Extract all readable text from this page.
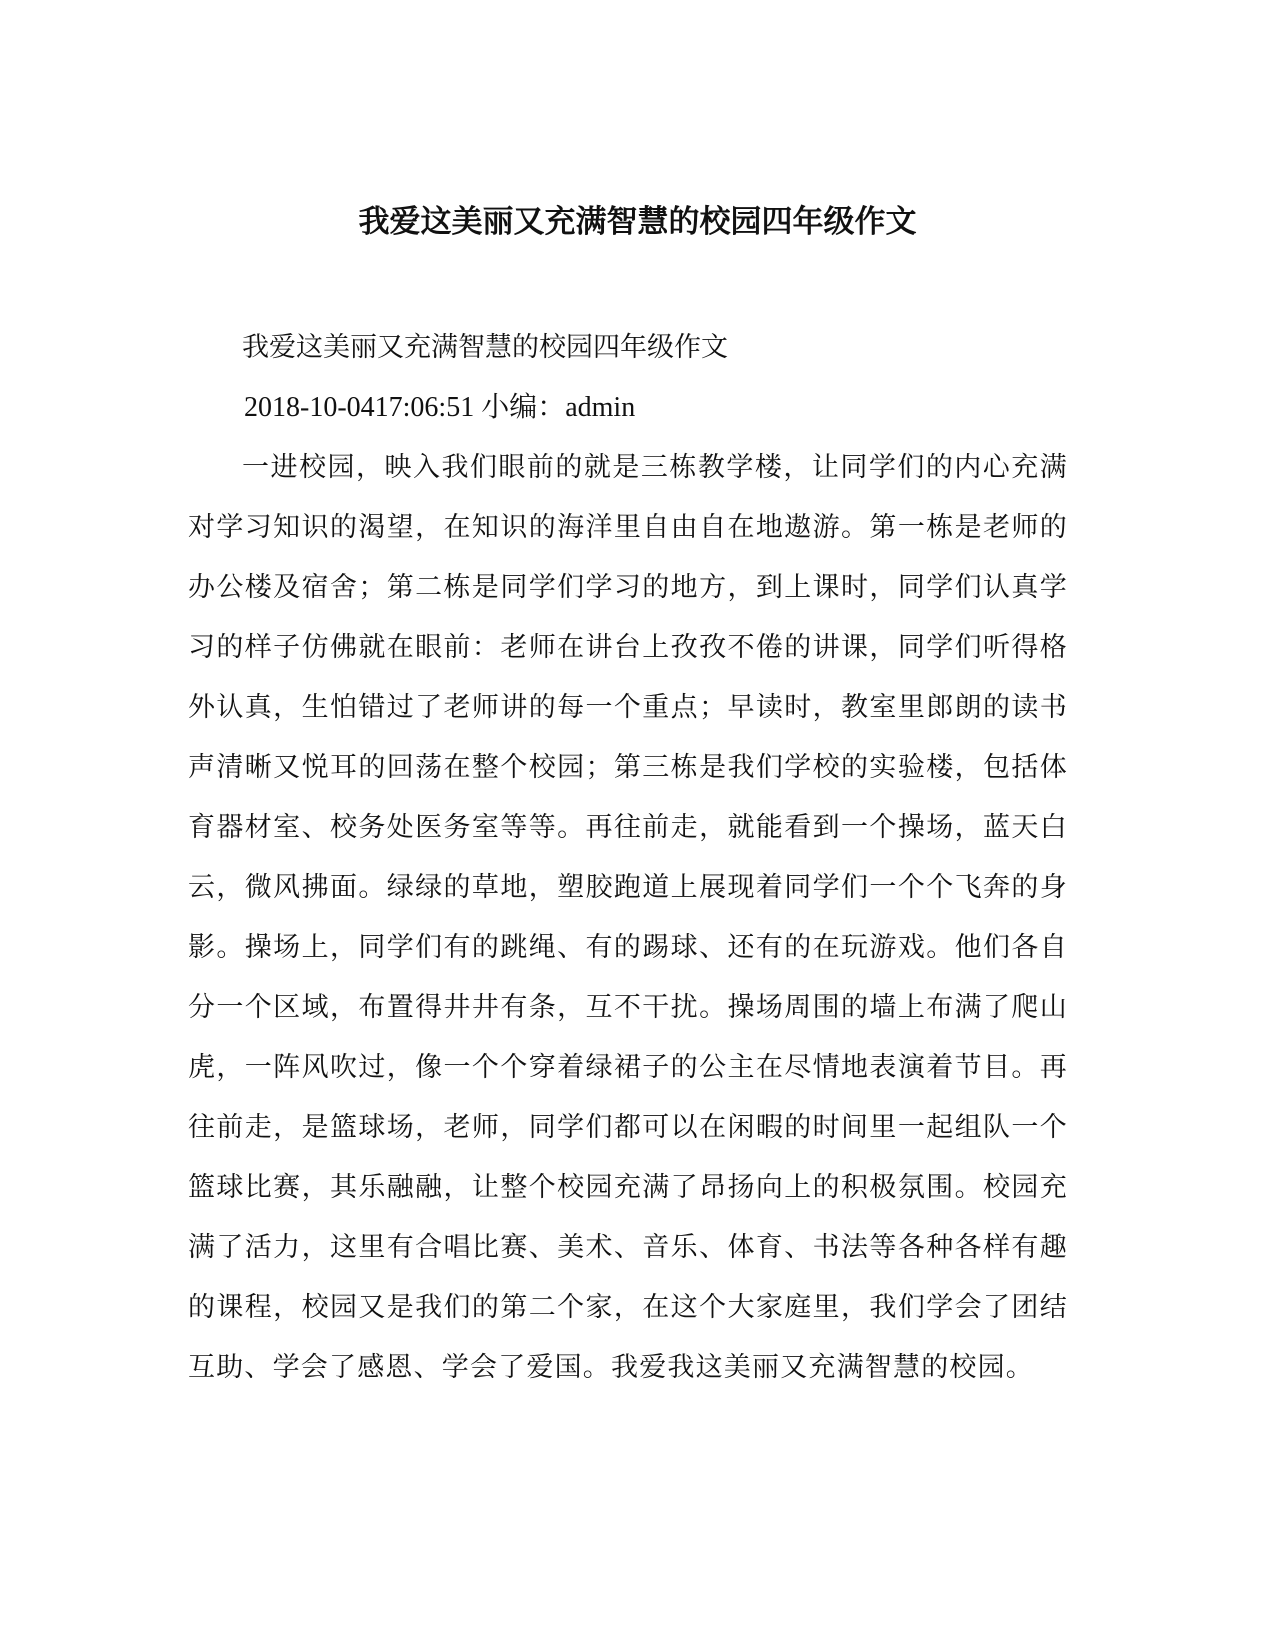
我爱这美丽又充满智慧的校园四年级作文

我爱这美丽又充满智慧的校园四年级作文

2018-10-0417:06:51 小编：admin

一进校园，映入我们眼前的就是三栋教学楼，让同学们的内心充满对学习知识的渴望，在知识的海洋里自由自在地遨游。第一栋是老师的办公楼及宿舍；第二栋是同学们学习的地方，到上课时，同学们认真学习的样子仿佛就在眼前：老师在讲台上孜孜不倦的讲课，同学们听得格外认真，生怕错过了老师讲的每一个重点；早读时，教室里郎朗的读书声清晰又悦耳的回荡在整个校园；第三栋是我们学校的实验楼，包括体育器材室、校务处医务室等等。再往前走，就能看到一个操场，蓝天白云，微风拂面。绿绿的草地，塑胶跑道上展现着同学们一个个飞奔的身影。操场上，同学们有的跳绳、有的踢球、还有的在玩游戏。他们各自分一个区域，布置得井井有条，互不干扰。操场周围的墙上布满了爬山虎，一阵风吹过，像一个个穿着绿裙子的公主在尽情地表演着节目。再往前走，是篮球场，老师，同学们都可以在闲暇的时间里一起组队一个篮球比赛，其乐融融，让整个校园充满了昂扬向上的积极氛围。校园充满了活力，这里有合唱比赛、美术、音乐、体育、书法等各种各样有趣的课程，校园又是我们的第二个家，在这个大家庭里，我们学会了团结互助、学会了感恩、学会了爱国。我爱我这美丽又充满智慧的校园。
